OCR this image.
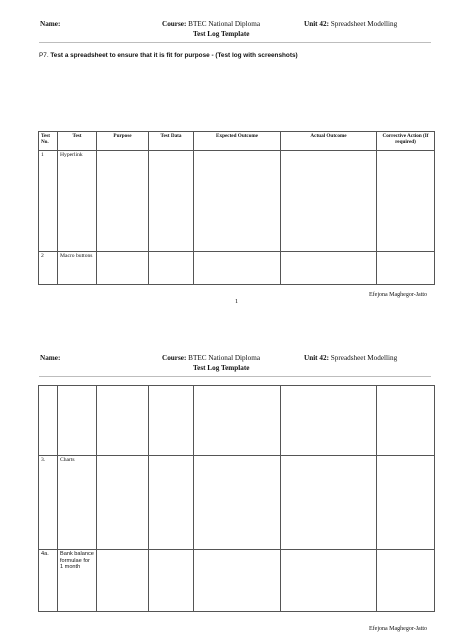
Name:	Course: BTEC National Diploma	Unit 42: Spreadsheet Modelling
Test Log Template
P7. Test a spreadsheet to ensure that it is fit for purpose - (Test log with screenshots)
Test No.	Test	Purpose	Test Data	Expected Outcome	Actual Outcome	Corrective Action (If required)
1	Hyperlink					
2	Macro buttons					
Efejona Maghegor-Jatto
1
Name:	Course: BTEC National Diploma	Unit 42: Spreadsheet Modelling
Test Log Template

3.	Charts					
4a.	Bank balance formulae for 1 month					
Efejona Maghegor-Jatto
